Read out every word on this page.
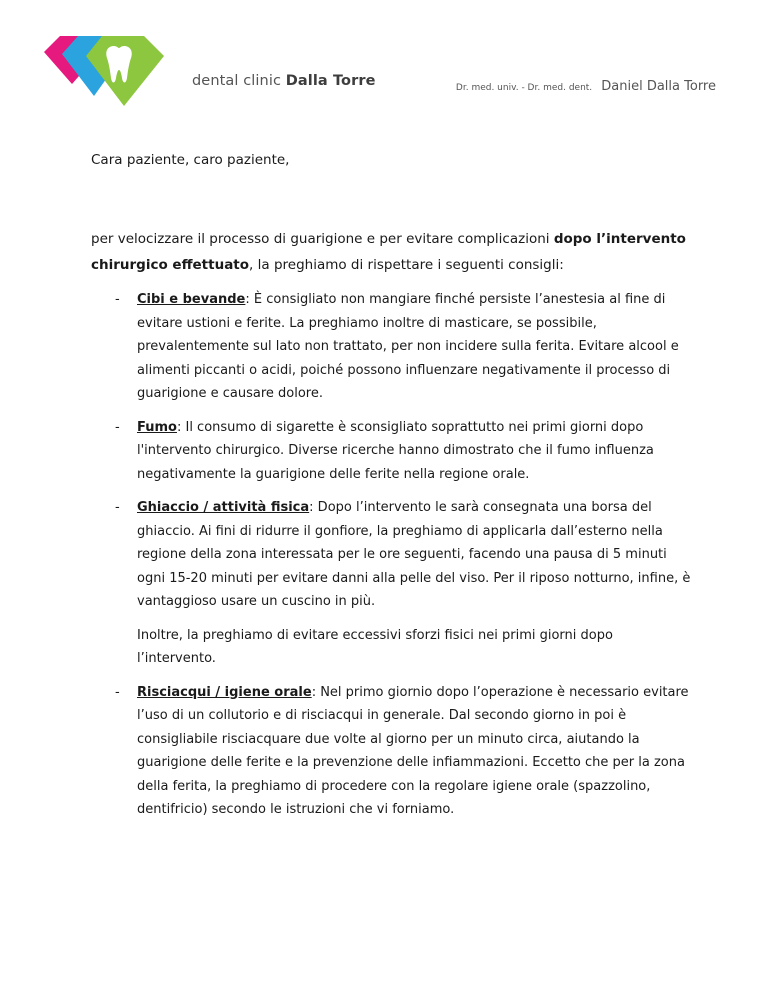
dental clinic Dalla Torre	Dr. med. univ. - Dr. med. dent. Daniel Dalla Torre

Cara paziente, caro paziente,

per velocizzare il processo di guarigione e per evitare complicazioni dopo l’intervento chirurgico effettuato, la preghiamo di rispettare i seguenti consigli:
- Cibi e bevande: È consigliato non mangiare finché persiste l’anestesia al fine di evitare ustioni e ferite. La preghiamo inoltre di masticare, se possibile, prevalentemente sul lato non trattato, per non incidere sulla ferita. Evitare alcool e alimenti piccanti o acidi, poiché possono influenzare negativamente il processo di guarigione e causare dolore.
- Fumo: Il consumo di sigarette è sconsigliato soprattutto nei primi giorni dopo l'intervento chirurgico. Diverse ricerche hanno dimostrato che il fumo influenza negativamente la guarigione delle ferite nella regione orale.
- Ghiaccio / attività fisica: Dopo l’intervento le sarà consegnata una borsa del ghiaccio. Ai fini di ridurre il gonfiore, la preghiamo di applicarla dall’esterno nella regione della zona interessata per le ore seguenti, facendo una pausa di 5 minuti ogni 15-20 minuti per evitare danni alla pelle del viso. Per il riposo notturno, infine, è vantaggioso usare un cuscino in più.

Inoltre, la preghiamo di evitare eccessivi sforzi fisici nei primi giorni dopo l’intervento.

- Risciacqui / igiene orale: Nel primo giornio dopo l’operazione è necessario evitare l’uso di un collutorio e di risciacqui in generale. Dal secondo giorno in poi è consigliabile risciacquare due volte al giorno per un minuto circa, aiutando la guarigione delle ferite e la prevenzione delle infiammazioni. Eccetto che per la zona della ferita, la preghiamo di procedere con la regolare igiene orale (spazzolino, dentifricio) secondo le istruzioni che vi forniamo.
